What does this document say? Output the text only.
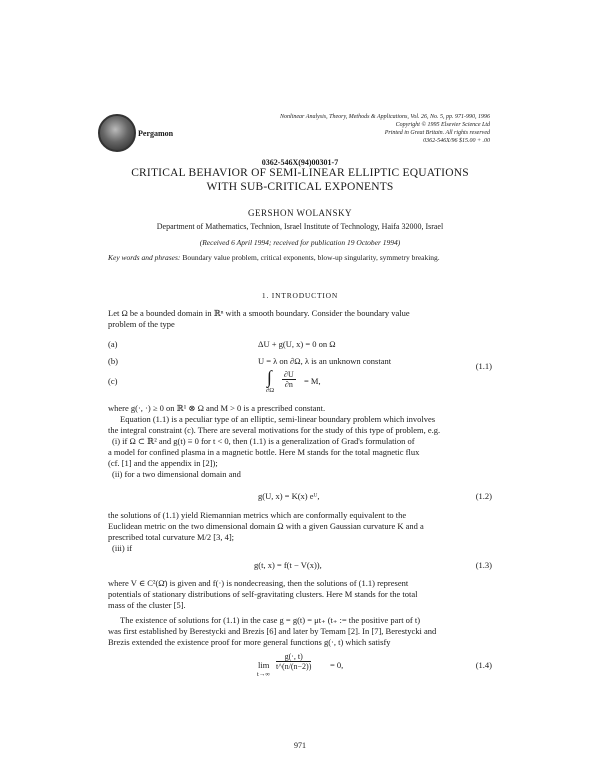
Pergamon
Nonlinear Analysis, Theory, Methods & Applications, Vol. 26, No. 5, pp. 971-990, 1996
Copyright © 1995 Elsevier Science Ltd
Printed in Great Britain. All rights reserved
0362-546X/96 $15.00 + .00
0362-546X(94)00301-7
CRITICAL BEHAVIOR OF SEMI-LINEAR ELLIPTIC EQUATIONS
WITH SUB-CRITICAL EXPONENTS
GERSHON WOLANSKY
Department of Mathematics, Technion, Israel Institute of Technology, Haifa 32000, Israel
(Received 6 April 1994; received for publication 19 October 1994)
Key words and phrases: Boundary value problem, critical exponents, blow-up singularity, symmetry breaking.
1. INTRODUCTION
Let Ω be a bounded domain in ℝⁿ with a smooth boundary. Consider the boundary value
problem of the type
(a)	ΔU + g(U, x) = 0 on Ω
(b)	U = λ on ∂Ω, λ is an unknown constant	(1.1)
(c)	∫
∂Ω
$\frac{\partial U}{\partial n} = M$,
where g(·, ·) ≥ 0 on ℝ¹ ⊗ Ω and M > 0 is a prescribed constant.
Equation (1.1) is a peculiar type of an elliptic, semi-linear boundary problem which involves
the integral constraint (c). There are several motivations for the study of this type of problem, e.g.
(i) if Ω ⊂ ℝ² and g(t) ≡ 0 for t < 0, then (1.1) is a generalization of Grad's formulation of
a model for confined plasma in a magnetic bottle. Here M stands for the total magnetic flux
(cf. [1] and the appendix in [2]);
(ii) for a two dimensional domain and
g(U, x) = K(x) eᵁ,	(1.2)
the solutions of (1.1) yield Riemannian metrics which are conformally equivalent to the
Euclidean metric on the two dimensional domain Ω with a given Gaussian curvature K and a
prescribed total curvature M/2 [3, 4];
(iii) if
g(t, x) = f(t − V(x)),	(1.3)
where V ∈ C²(Ω̄) is given and f(·) is nondecreasing, then the solutions of (1.1) represent
potentials of stationary distributions of self-gravitating clusters. Here M stands for the total
mass of the cluster [5].
The existence of solutions for (1.1) in the case g = g(t) = μt₊ (t₊ := the positive part of t)
was first established by Berestycki and Brezis [6] and later by Temam [2]. In [7], Berestycki and
Brezis extended the existence proof for more general functions g(·, t) which satisfy
lim
t→∞
$\frac{g(\cdot, t)}{t\^{}(n/(n-2))} = 0$,	(1.4)
971
